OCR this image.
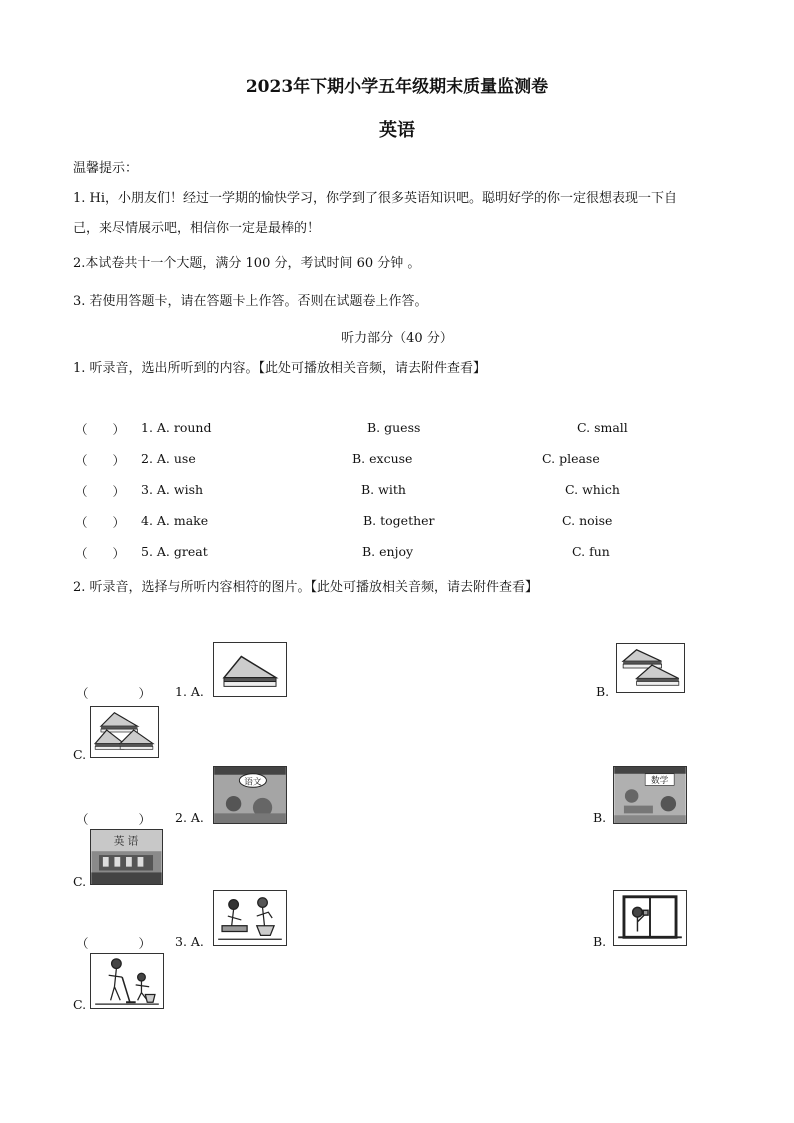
2023年下期小学五年级期末质量监测卷
英语
温馨提示：
1. Hi，小朋友们！经过一学期的愉快学习，你学到了很多英语知识吧。聪明好学的你一定很想表现一下自
己，来尽情展示吧，相信你一定是最棒的！
2.本试卷共十一个大题，满分 100 分，考试时间 60 分钟 。
3. 若使用答题卡，请在答题卡上作答。否则在试题卷上作答。
听力部分（40 分）
1. 听录音，选出所听到的内容。【此处可播放相关音频，请去附件查看】
（　　） 1. A. round	B. guess	C. small
（　　） 2. A. use	B. excuse	C. please
（　　） 3. A. wish	B. with	C. which
（　　） 4. A. make	B. together	C. noise
（　　） 5. A. great	B. enjoy	C. fun
2. 听录音，选择与所听内容相符的图片。【此处可播放相关音频，请去附件查看】
（　　　　） 1. A.	B.
C.
（　　　　） 2. A.
语文
B.
数学
C.
英 语
（　　　　） 3. A.	B.
C.
